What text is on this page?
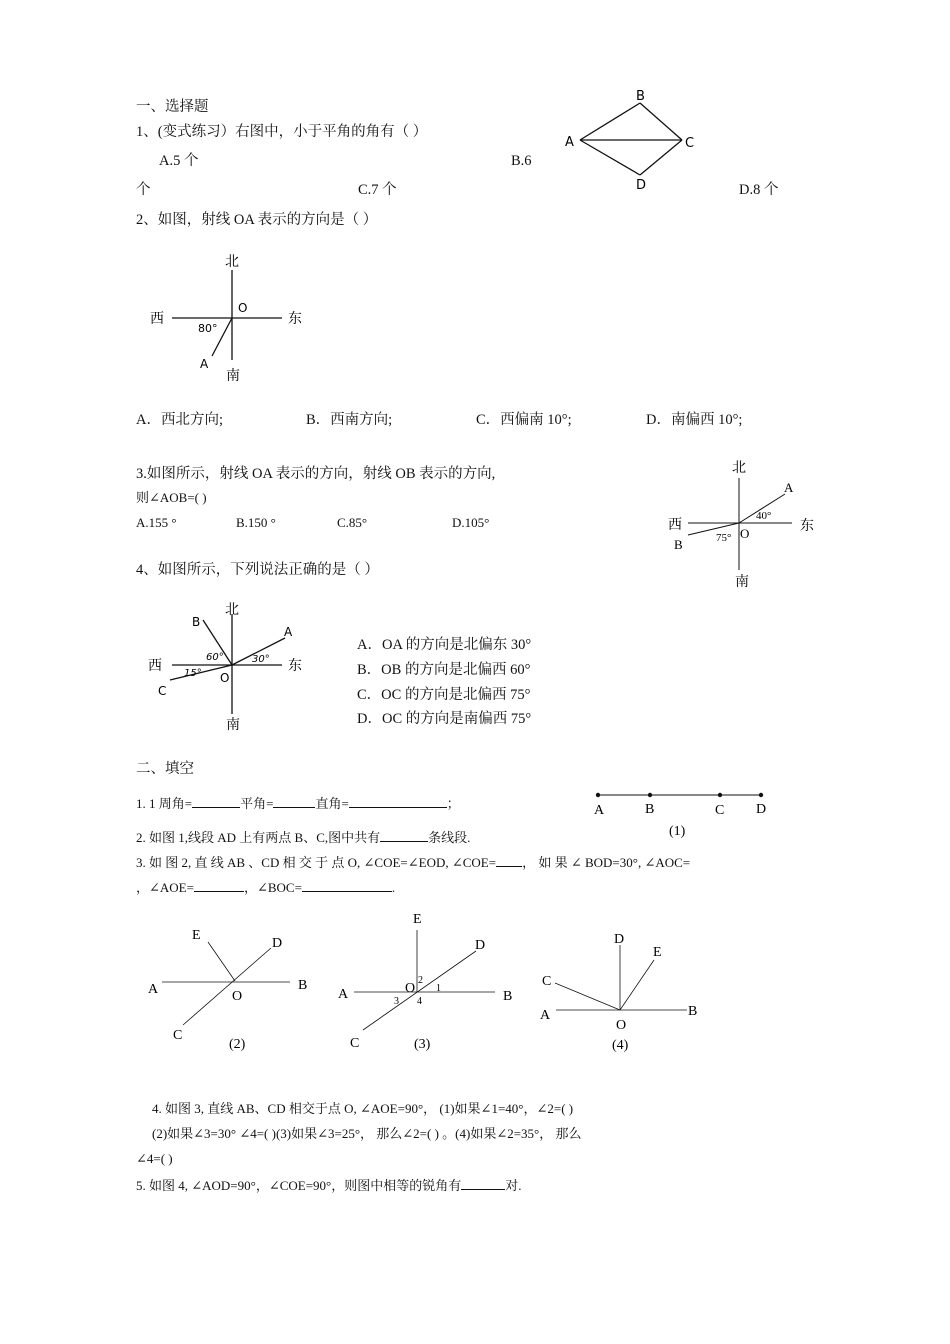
一、选择题
1、(变式练习）右图中，小于平角的角有（ ）
A.5 个	B.6
个	C.7 个	D.8 个
A
B
C
D
2、如图，射线 OA 表示的方向是（ ）
北
南
西	东
O
A
80°
A．西北方向;	B．西南方向;	C．西偏南 10°;	D．南偏西 10°;
3.如图所示，射线 OA 表示的方向，射线 OB 表示的方向,
则∠AOB=( )
A.155 °	B.150 °	C.85°	D.105°
北
南
西	东
O
A
B
40°
75°
4、如图所示，下列说法正确的是（ ）
北
南
西	东
O
A
B
C
30°
60°
15°
A．OA 的方向是北偏东 30°
B．OB 的方向是北偏西 60°
C．OC 的方向是北偏西 75°
D．OC 的方向是南偏西 75°
二、填空
1. 1 周角=	平角=	直角=	；	A	B	C D
(1)
2. 如图 1,线段 AD 上有两点 B、C,图中共有	条线段.
3. 如 图 2, 直 线 AB 、CD 相 交 于 点 O, ∠COE=∠EOD, ∠COE= ， 如 果 ∠ BOD=30°, ∠AOC=
，∠AOE=	，∠BOC=	.
A	B
C
D
E
O
(2)
A	B
C
D
E
O 1
2
3 4
(3)
A	B
C
D
E
O
(4)
4. 如图 3, 直线 AB、CD 相交于点 O, ∠AOE=90°， (1)如果∠1=40°，∠2=( )
(2)如果∠3=30° ∠4=( )(3)如果∠3=25°， 那么∠2=( ) 。(4)如果∠2=35°， 那么
∠4=( )
5. 如图 4, ∠AOD=90°，∠COE=90°，则图中相等的锐角有	对.
